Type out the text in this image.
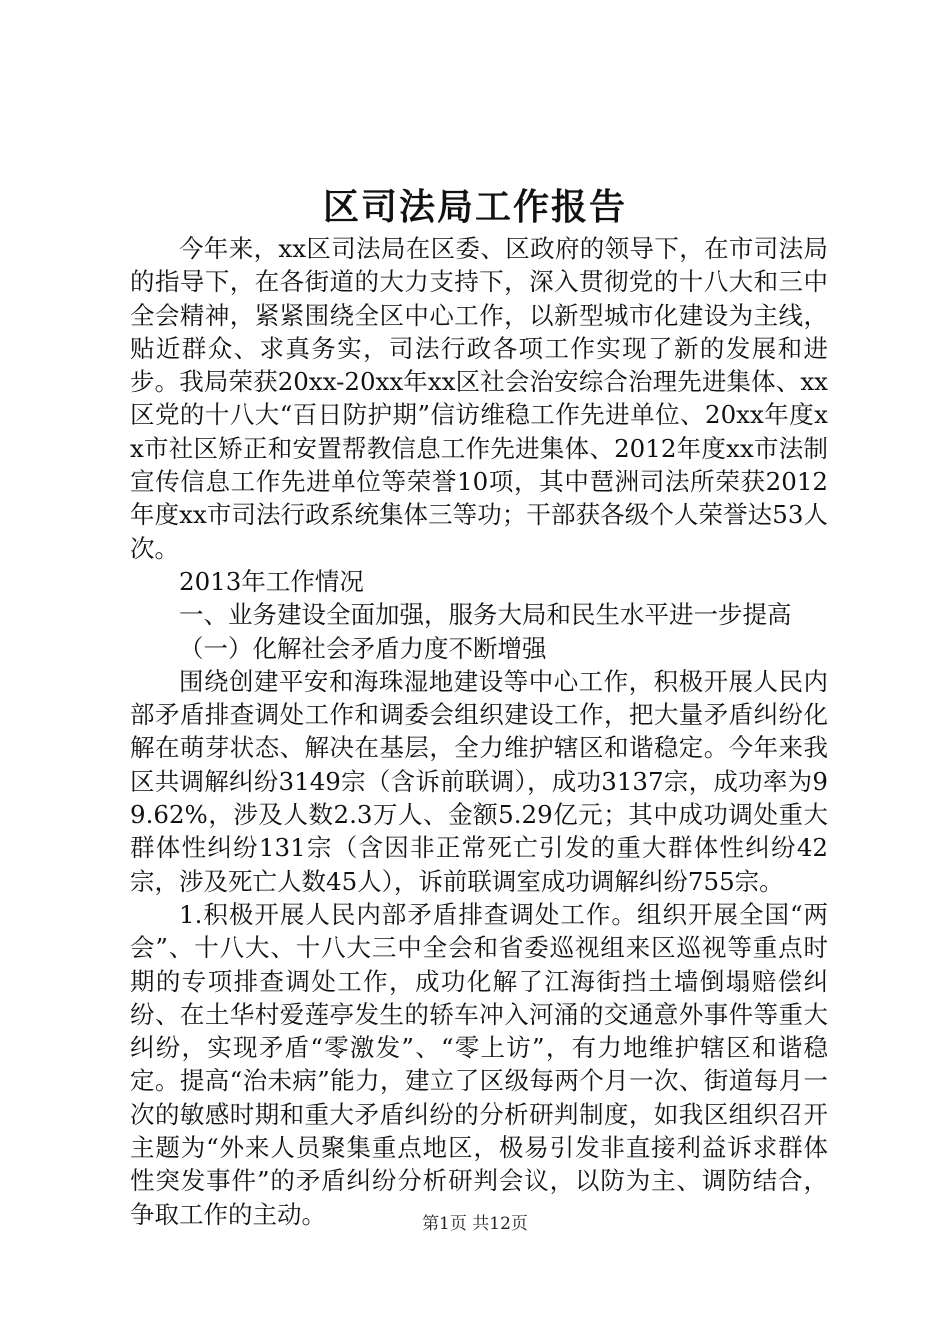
区司法局工作报告

今年来，xx区司法局在区委、区政府的领导下，在市司法局的指导下，在各街道的大力支持下，深入贯彻党的十八大和三中全会精神，紧紧围绕全区中心工作，以新型城市化建设为主线，贴近群众、求真务实，司法行政各项工作实现了新的发展和进步。我局荣获20xx-20xx年xx区社会治安综合治理先进集体、xx区党的十八大“百日防护期”信访维稳工作先进单位、20xx年度xx市社区矫正和安置帮教信息工作先进集体、2012年度xx市法制宣传信息工作先进单位等荣誉10项，其中琶洲司法所荣获2012年度xx市司法行政系统集体三等功；干部获各级个人荣誉达53人次。

2013年工作情况

一、业务建设全面加强，服务大局和民生水平进一步提高

（一）化解社会矛盾力度不断增强

围绕创建平安和海珠湿地建设等中心工作，积极开展人民内部矛盾排查调处工作和调委会组织建设工作，把大量矛盾纠纷化解在萌芽状态、解决在基层，全力维护辖区和谐稳定。今年来我区共调解纠纷3149宗（含诉前联调），成功3137宗，成功率为99.62%，涉及人数2.3万人、金额5.29亿元；其中成功调处重大群体性纠纷131宗（含因非正常死亡引发的重大群体性纠纷42宗，涉及死亡人数45人），诉前联调室成功调解纠纷755宗。

1.积极开展人民内部矛盾排查调处工作。组织开展全国“两会”、十八大、十八大三中全会和省委巡视组来区巡视等重点时期的专项排查调处工作，成功化解了江海街挡土墙倒塌赔偿纠纷、在土华村爱莲亭发生的轿车冲入河涌的交通意外事件等重大纠纷，实现矛盾“零激发”、“零上访”，有力地维护辖区和谐稳定。提高“治未病”能力，建立了区级每两个月一次、街道每月一次的敏感时期和重大矛盾纠纷的分析研判制度，如我区组织召开主题为“外来人员聚集重点地区，极易引发非直接利益诉求群体性突发事件”的矛盾纠纷分析研判会议，以防为主、调防结合，争取工作的主动。	第1页 共12页
